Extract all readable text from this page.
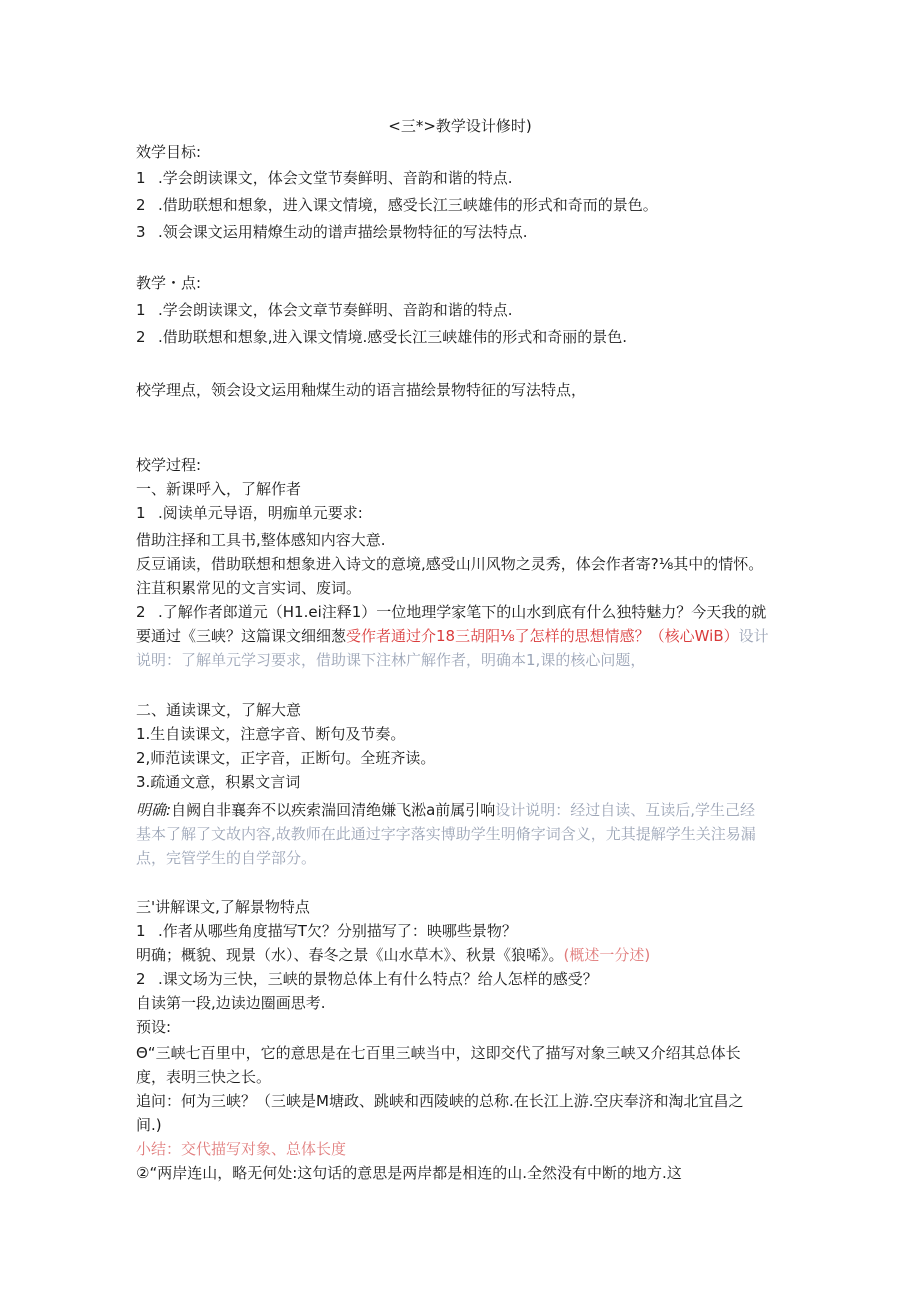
<三*>教学设计修时)
效学目标:
1 .学会朗读课文，体会文堂节奏鲜明、音韵和谐的特点.
2 .借助联想和想象，进入课文情境，感受长江三峡雄伟的形式和奇而的景色。
3 .领会课文运用精燎生动的谱声描绘景物特征的写法特点.
教学・点:
1 .学会朗读课文，体会文章节奏鲜明、音韵和谐的特点.
2 .借助联想和想象,进入课文情境.感受长江三峡雄伟的形式和奇丽的景色.
校学理点，领会设文运用釉煤生动的语言描绘景物特征的写法特点，
校学过程:
一、新课呼入，了解作者
1 .阅读单元导语，明痂单元要求:
借助注择和工具书,整体感知内容大意.
反豆诵读，借助联想和想象进入诗文的意境,感受山川风物之灵秀，体会作者寄?⅛其中的情怀。
注苴积累常见的文言实词、废词。
2 .了解作者郎道元（H1.ei注释1）一位地理学家笔下的山水到底有什么独特魅力？今天我的就
要通过《三峡？这篇课文细细葱受作者通过介18三胡阳⅛了怎样的思想情感？（核心WiB）设计
说明：了解单元学习要求，借助课下注林广解作者，明确本1,课的核心问题，
二、通读课文，了解大意
1.生自读课文，注意字音、断句及节奏。
2,师范读课文，正字音，正断句。全班齐读。
3.疏通文意，积累文言词
明确:自阙自非襄奔不以疾索湍回清绝嫌飞淞a前属引响设计说明：经过自读、互读后,学生己经
基本了解了文故内容,故教师在此通过字字落实博助学生明脩字词含义，尤其提解学生关注易漏
点，完管学生的自学部分。
三'讲解课文,了解景物特点
1 .作者从哪些角度描写T欠？分别描写了：映哪些景物？
明确；概貌、现景（水）、春冬之景《山水草木》、秋景《狼唏》。(概述一分述)
2 .课文场为三快，三峡的景物总体上有什么特点？给人怎样的感受？
自读第一段,边读边圈画思考.
预设:
Θ“三峡七百里中，它的意思是在七百里三峡当中，这即交代了描写对象三峡又介绍其总体长
度，表明三快之长。
追问：何为三峡？（三峡是M塘政、跳峡和西陵峡的总称.在长江上游.空庆奉济和淘北宜昌之
间.)
小结：交代描写对象、总体长度
②“两岸连山，略无何处:这句话的意思是两岸都是相连的山.全然没有中断的地方.这
